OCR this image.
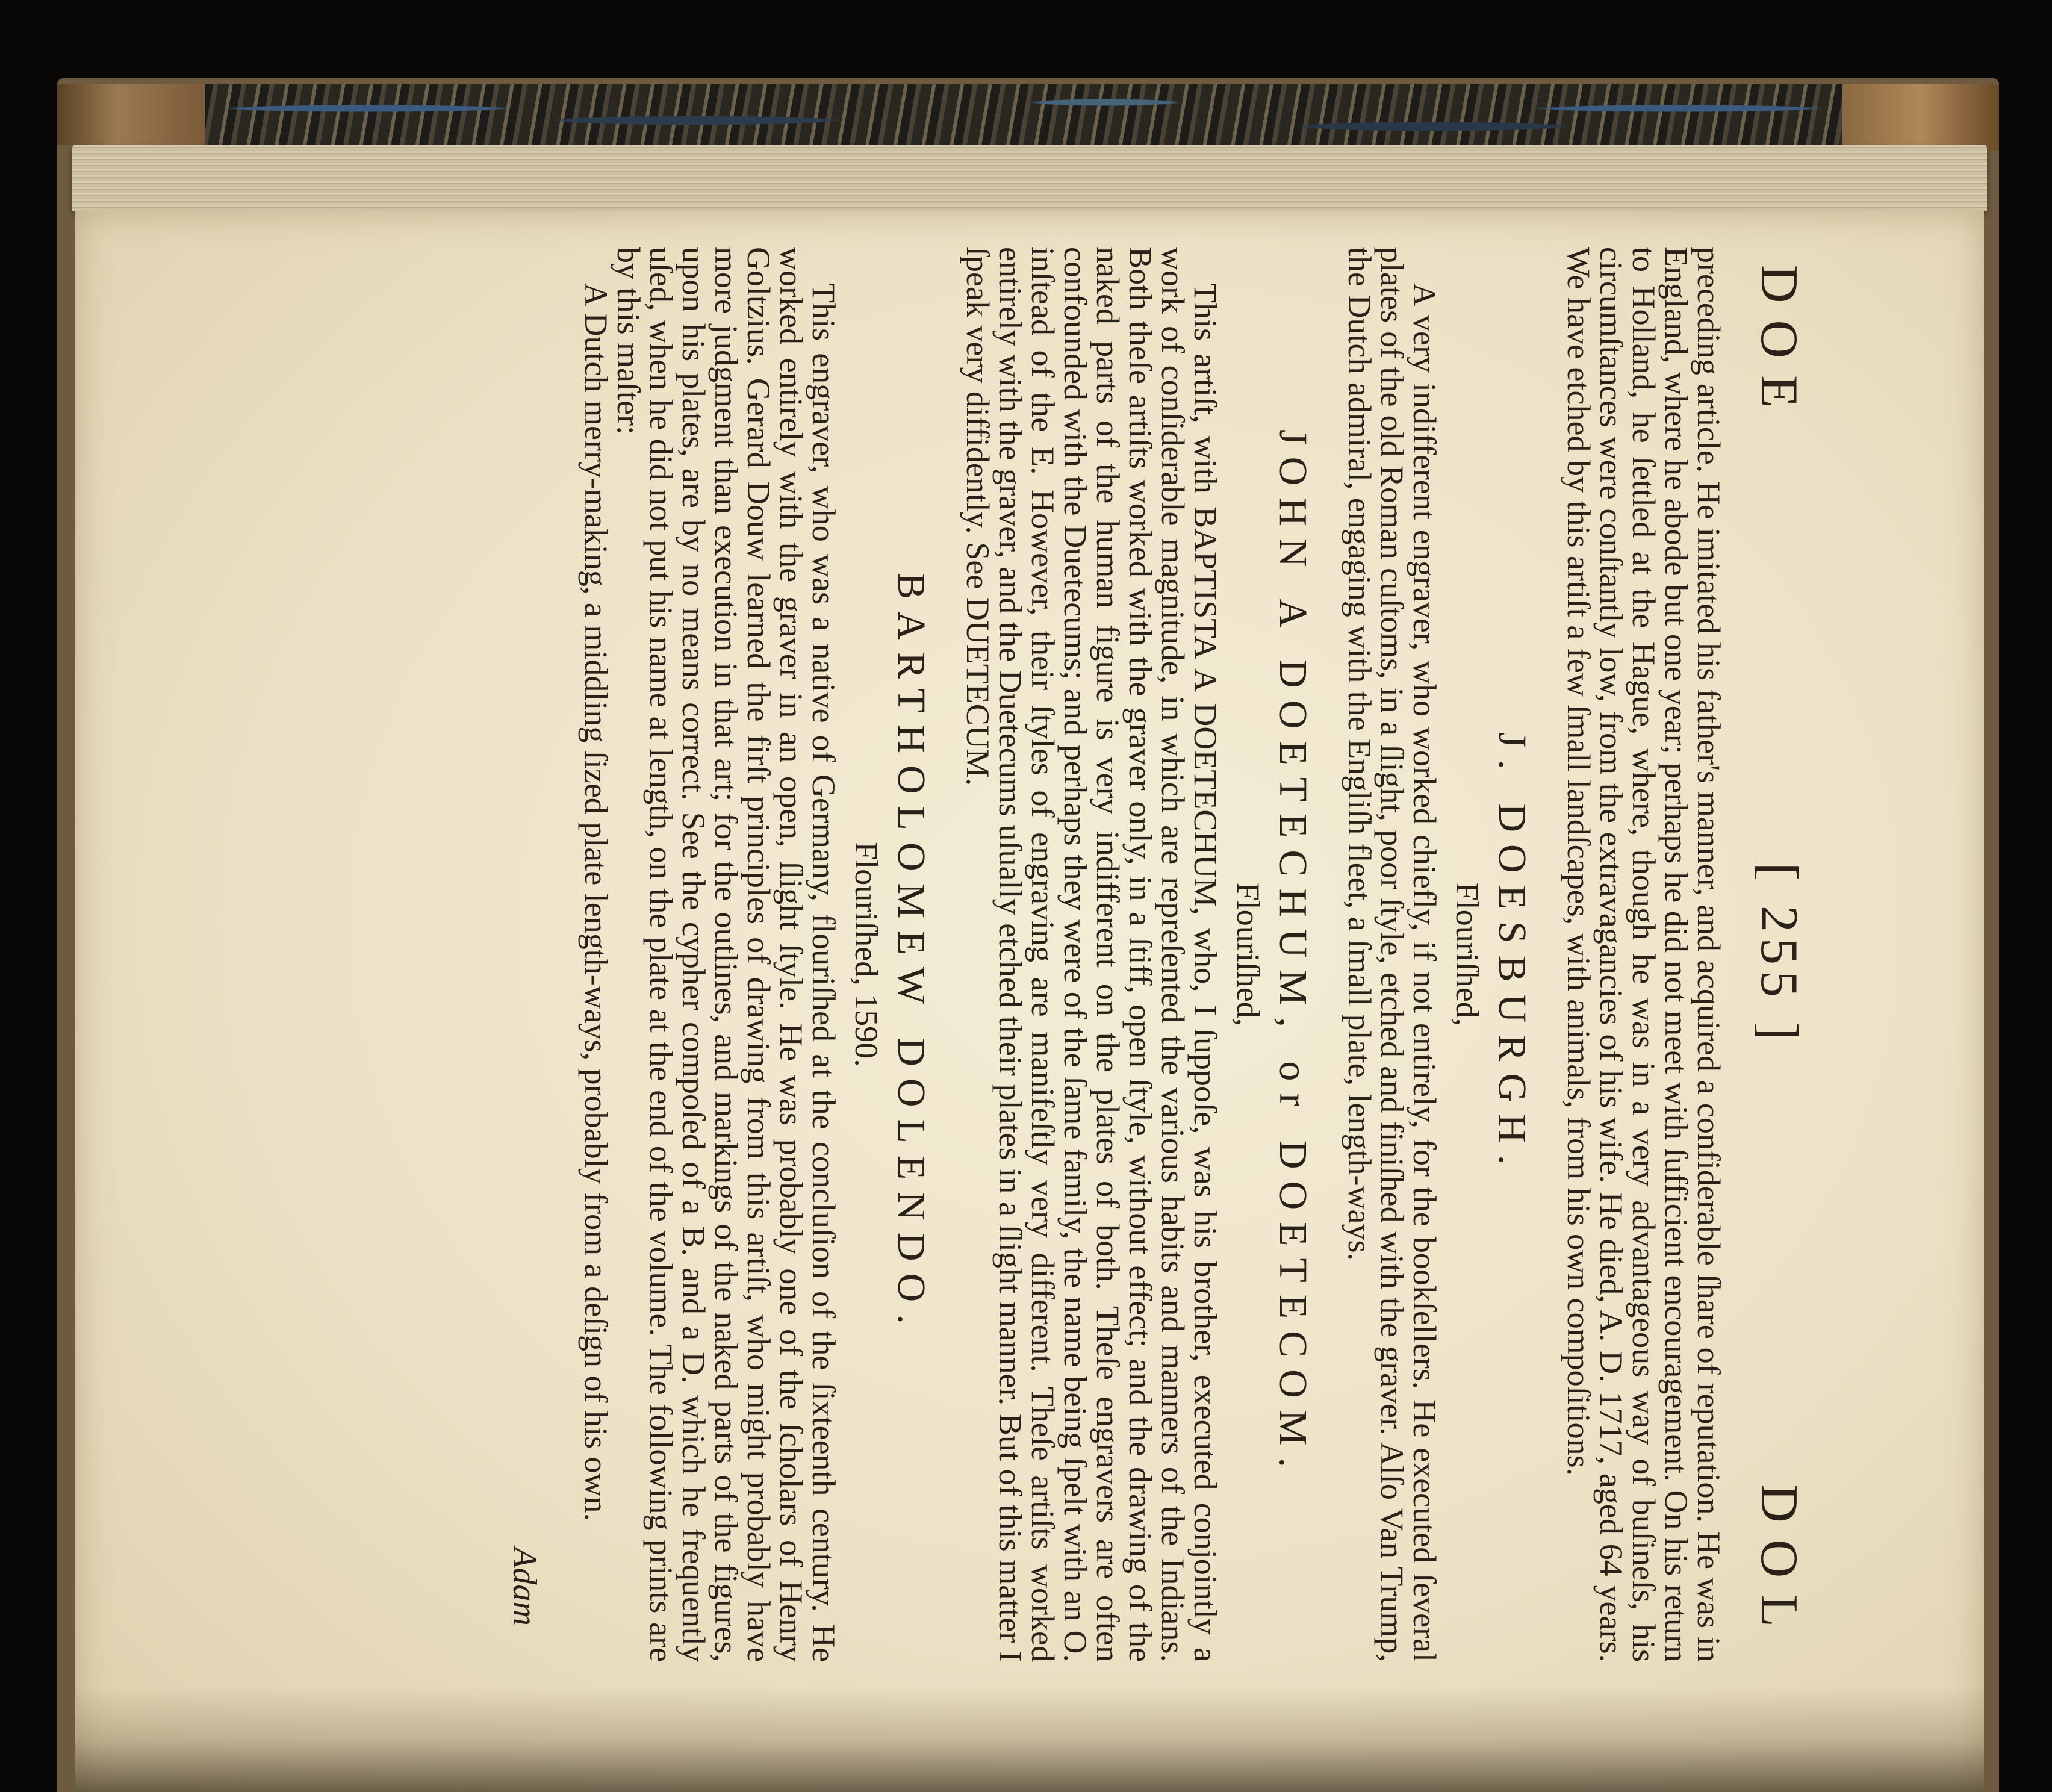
DOE
[ 255 ]
DOL

preceding article. He imitated his father's manner, and acquired a confiderable ſhare of reputation. He was in England, where he abode but one year; perhaps he did not meet with ſufficient encouragement. On his return to Holland, he ſettled at the Hague, where, though he was in a very advantageous way of buſineſs, his circumſtances were conſtantly low, from the extravagancies of his wife. He died, A. D. 1717, aged 64 years. We have etched by this artiſt a few ſmall landſcapes, with animals, from his own compoſitions.

J. DOESBURGH.
Flouriſhed,

A very indifferent engraver, who worked chiefly, if not entirely, for the bookſellers. He executed ſeveral plates of the old Roman cuſtoms, in a ſlight, poor ſtyle, etched and finiſhed with the graver. Alſo Van Trump, the Dutch admiral, engaging with the Engliſh fleet, a ſmall plate, length-ways.

JOHN A DOETECHUM, or DOETECOM.
Flouriſhed,

This artiſt, with BAPTISTA A DOETECHUM, who, I ſuppoſe, was his brother, executed conjointly a work of conſiderable magnitude, in which are repreſented the various habits and manners of the Indians. Both theſe artiſts worked with the graver only, in a ſtiff, open ſtyle, without effect; and the drawing of the naked parts of the human figure is very indifferent on the plates of both. Theſe engravers are often confounded with the Duetecums; and perhaps they were of the ſame family, the name being ſpelt with an O. inſtead of the E. However, their ſtyles of engraving are manifeſtly very different. Theſe artiſts worked entirely with the graver, and the Duetecums uſually etched their plates in a ſlight manner. But of this matter I ſpeak very diffidently. See DUETECUM.

BARTHOLOMEW DOLENDO.
Flouriſhed, 1590.

This engraver, who was a native of Germany, flouriſhed at the concluſion of the ſixteenth century. He worked entirely with the graver in an open, ſlight ſtyle. He was probably one of the ſcholars of Henry Goltzius. Gerard Douw learned the firſt principles of drawing from this artiſt, who might probably have more judgment than execution in that art; for the outlines, and markings of the naked parts of the figures, upon his plates, are by no means correct. See the cypher compoſed of a B. and a D. which he frequently uſed, when he did not put his name at length, on the plate at the end of the volume. The following prints are by this maſter:

A Dutch merry-making, a middling ſized plate length-ways, probably from a deſign of his own.

Adam
